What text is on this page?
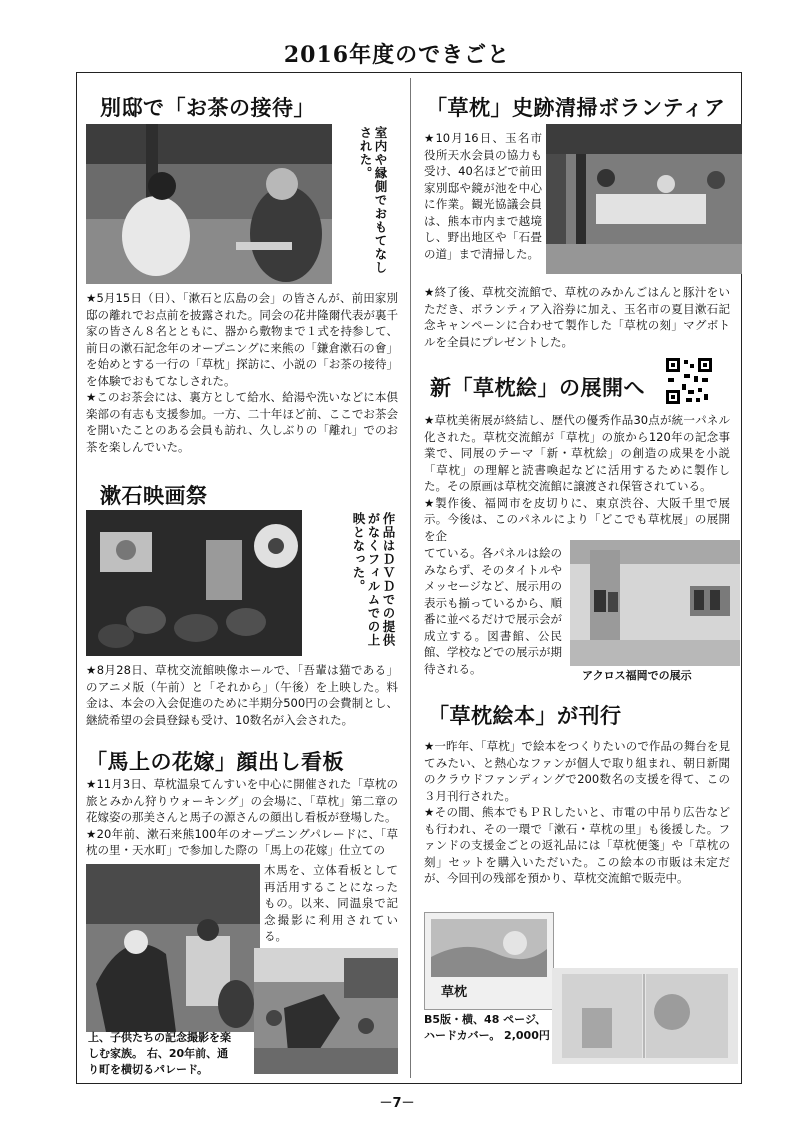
2016年度のできごと
別邸で「お茶の接待」
室内や縁側でおもてなしされた。
★5月15日（日）、「漱石と広島の会」の皆さんが、前田家別邸の離れでお点前を披露された。同会の花井隆爾代表が裏千家の皆さん８名とともに、器から敷物まで１式を持参して、前日の漱石記念年のオープニングに来熊の「鎌倉漱石の會」を始めとする一行の「草枕」探訪に、小説の「お茶の接待」を体験でおもてなしされた。
★このお茶会には、裏方として給水、給湯や洗いなどに本倶楽部の有志も支援参加。一方、二十年ほど前、ここでお茶会を開いたことのある会員も訪れ、久しぶりの「離れ」でのお茶を楽しんでいた。
漱石映画祭
作品はＤＶＤでの提供がなくフィルムでの上映となった。
★8月28日、草枕交流館映像ホールで、「吾輩は猫である」のアニメ版（午前）と「それから」（午後）を上映した。料金は、本会の入会促進のために半期分500円の会費制とし、継続希望の会員登録も受け、10数名が入会された。
「馬上の花嫁」顔出し看板
★11月3日、草枕温泉てんすいを中心に開催された「草枕の旅とみかん狩りウォーキング」の会場に、「草枕」第二章の花嫁姿の那美さんと馬子の源さんの顔出し看板が登場した。
★20年前、漱石来熊100年のオープニングパレードに、「草枕の里・天水町」で参加した際の「馬上の花嫁」仕立ての
木馬を、立体看板として再活用することになったもの。以来、同温泉で記念撮影に利用されている。
上、子供たちの記念撮影を楽
しむ家族。 右、20年前、通
り町を横切るパレード。
「草枕」史跡清掃ボランティア
★10月16日、玉名市役所天水会員の協力も受け、40名ほどで前田家別邸や鏡が池を中心に作業。観光協議会員は、熊本市内まで越境し、野出地区や「石畳の道」まで清掃した。
★終了後、草枕交流館で、草枕のみかんごはんと豚汁をいただき、ボランティア入浴券に加え、玉名市の夏目漱石記念キャンペーンに合わせて製作した「草枕の刻」マグボトルを全員にプレゼントした。
新「草枕絵」の展開へ
★草枕美術展が終結し、歴代の優秀作品30点が統一パネル化された。草枕交流館が「草枕」の旅から120年の記念事業で、同展のテーマ「新・草枕絵」の創造の成果を小説「草枕」の理解と読書喚起などに活用するために製作した。その原画は草枕交流館に譲渡され保管されている。
★製作後、福岡市を皮切りに、東京渋谷、大阪千里で展示。今後は、このパネルにより「どこでも草枕展」の展開を企
てている。各パネルは絵のみならず、そのタイトルやメッセージなど、展示用の表示も揃っているから、順番に並べるだけで展示会が成立する。図書館、公民館、学校などでの展示が期待される。	アクロス福岡での展示
「草枕絵本」が刊行
★一昨年、「草枕」で絵本をつくりたいので作品の舞台を見てみたい、と熱心なファンが個人で取り組まれ、朝日新聞のクラウドファンディングで200数名の支援を得て、この３月刊行された。
★その間、熊本でもＰＲしたいと、市電の中吊り広告なども行われ、その一環で「漱石・草枕の里」も後援した。ファンドの支援金ごとの返礼品には「草枕便箋」や「草枕の刻」セットを購入いただいた。この絵本の市販は未定だが、今回刊の残部を預かり、草枕交流館で販売中。
草枕
B5版・横、48 ページ、
ハードカバー。 2,000円
－7－
